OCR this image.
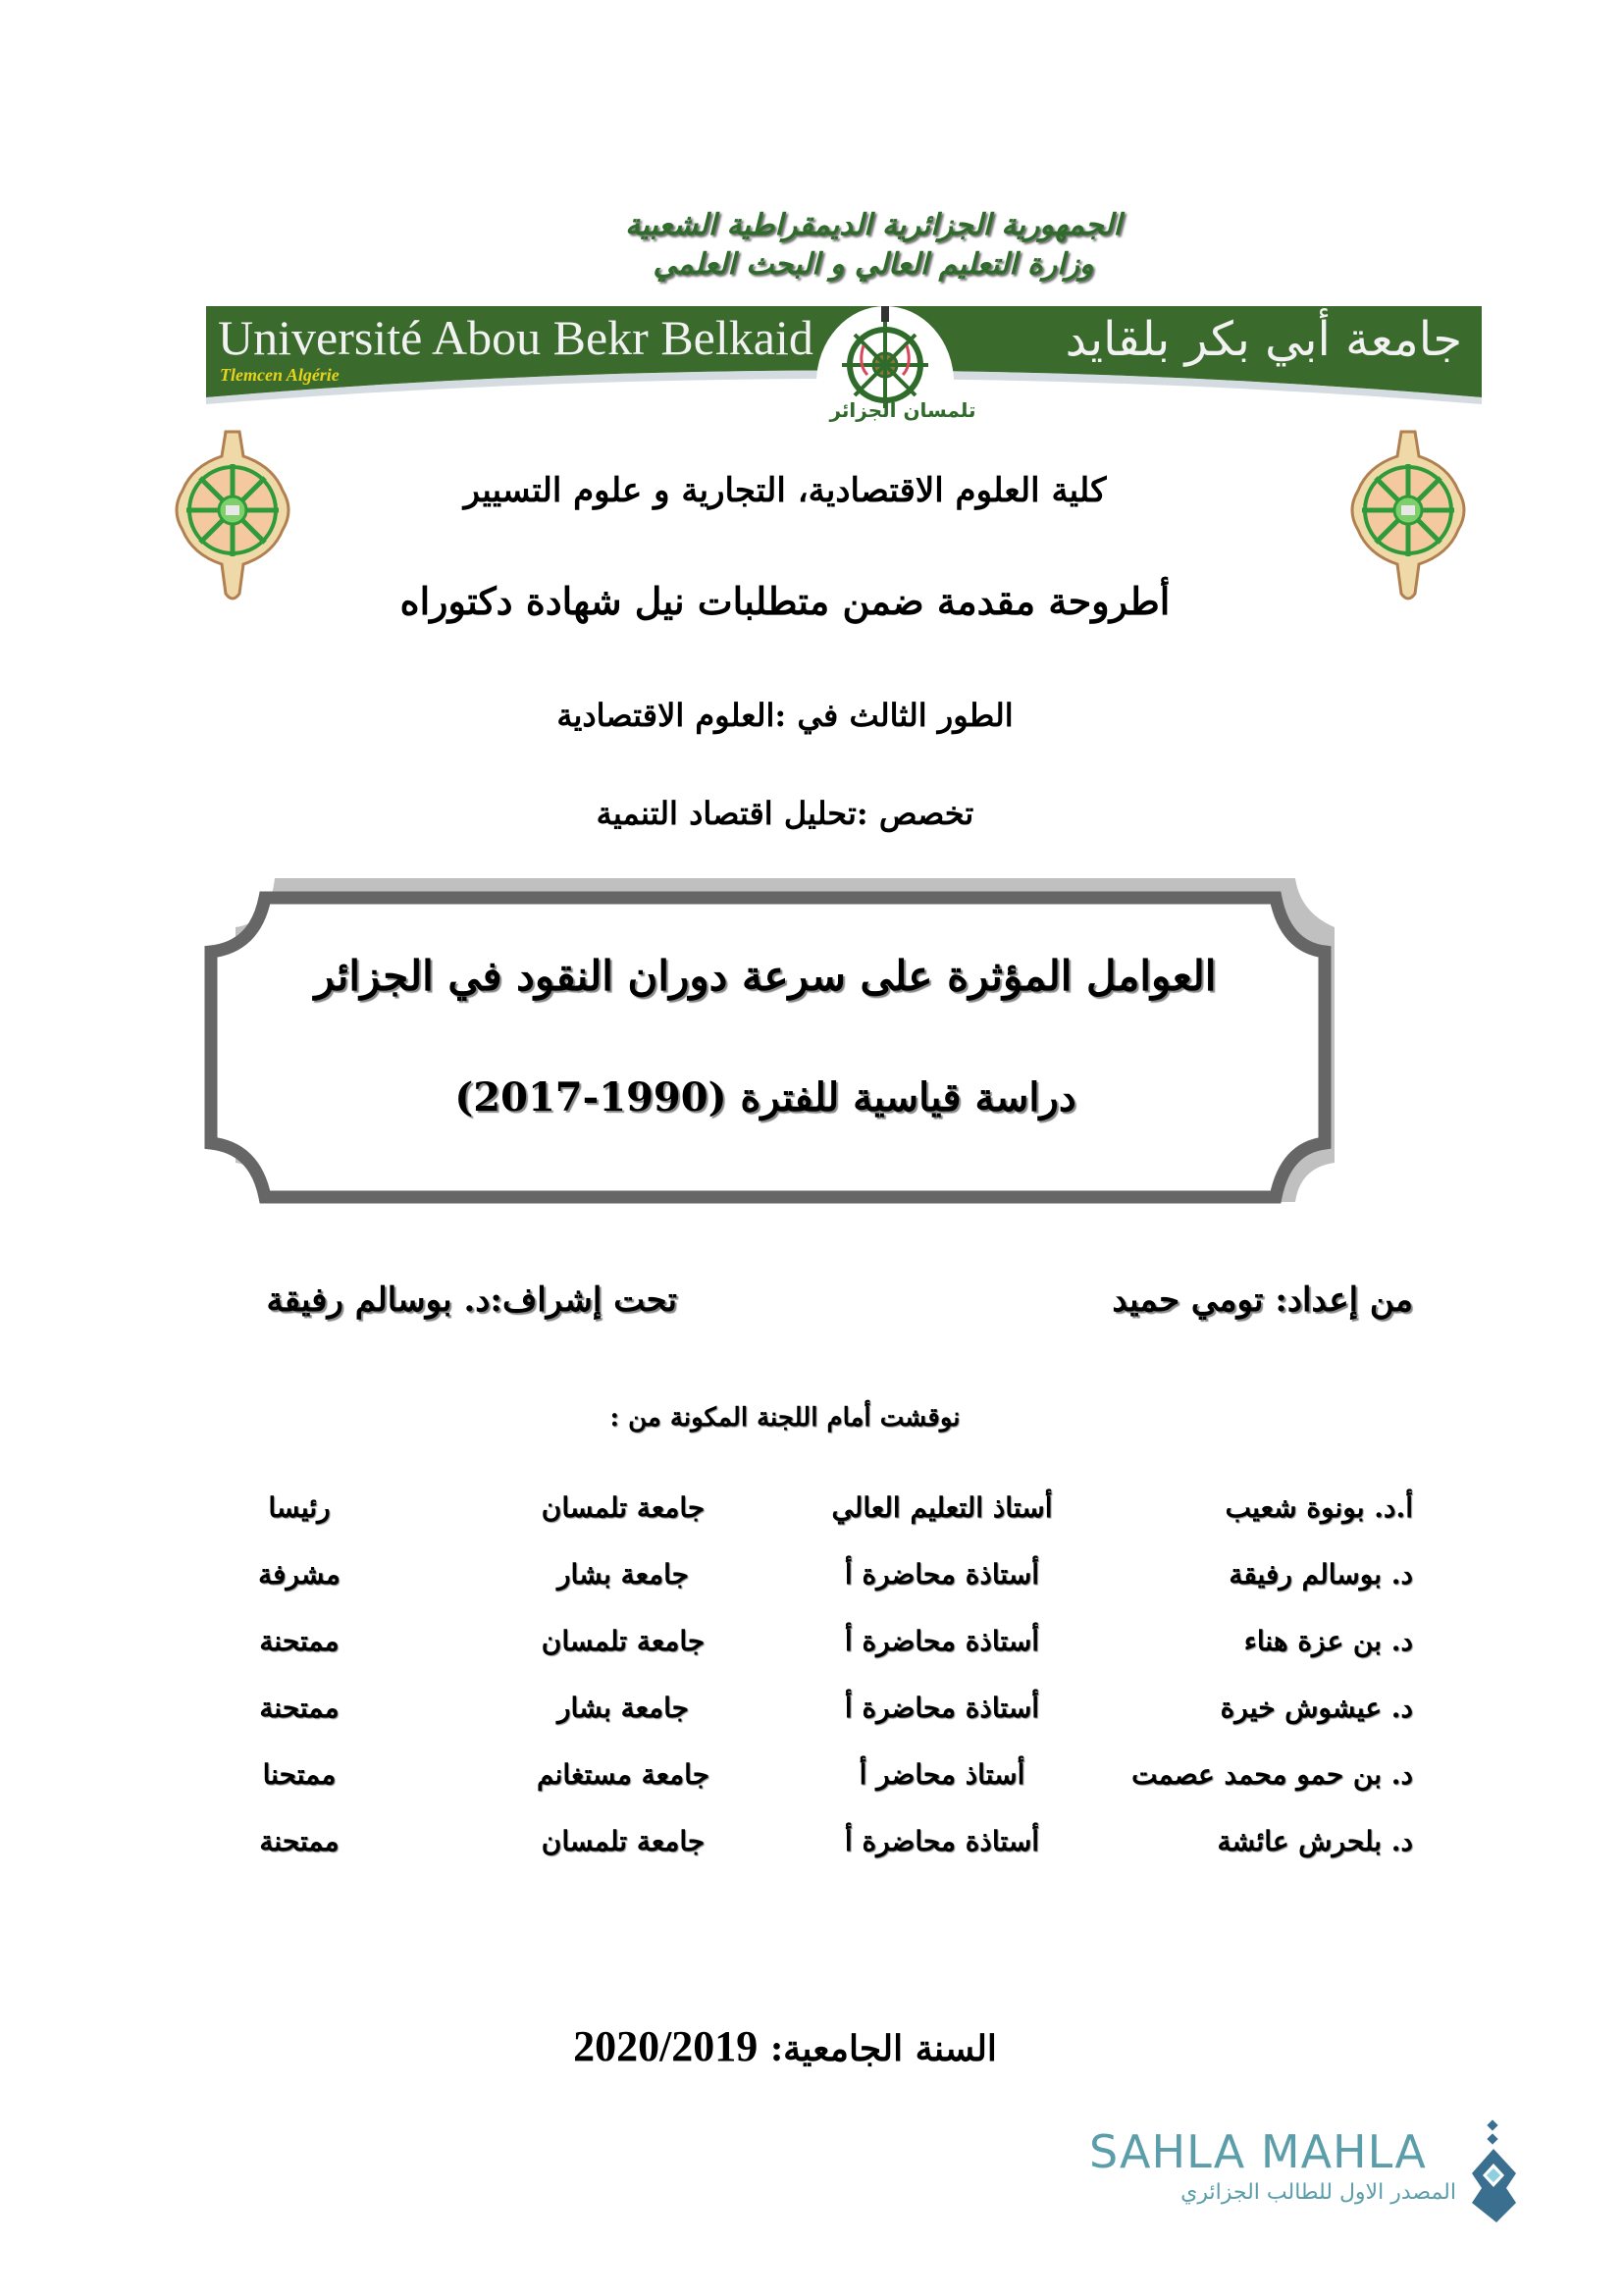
الجمهورية الجزائرية الديمقراطية الشعبية
وزارة التعليم العالي و البحث العلمي
Université Abou Bekr Belkaid
Tlemcen Algérie
جامعة أبي بكر بلقايد
تلمسان الجزائر
كلية العلوم الاقتصادية، التجارية و علوم التسيير
أطروحة مقدمة ضمن متطلبات نيل شهادة دكتوراه
الطور الثالث في :العلوم الاقتصادية
تخصص :تحليل اقتصاد التنمية
العوامل المؤثرة على سرعة دوران النقود في الجزائر
دراسة قياسية للفترة (1990-2017)
من إعداد: تومي حميد
تحت إشراف:د. بوسالم رفيقة
نوقشت أمام اللجنة المكونة من :
أ.د. بونوة شعيب
أستاذ التعليم العالي
جامعة تلمسان
رئيسا
د. بوسالم رفيقة
أستاذة محاضرة أ
جامعة بشار
مشرفة
د. بن عزة هناء
أستاذة محاضرة أ
جامعة تلمسان
ممتحنة
د. عيشوش خيرة
أستاذة محاضرة أ
جامعة بشار
ممتحنة
د. بن حمو محمد عصمت
أستاذ محاضر أ
جامعة مستغانم
ممتحنا
د. بلحرش عائشة
أستاذة محاضرة أ
جامعة تلمسان
ممتحنة
السنة الجامعية: 2020/2019
SAHLA MAHLA
المصدر الاول للطالب الجزائري
